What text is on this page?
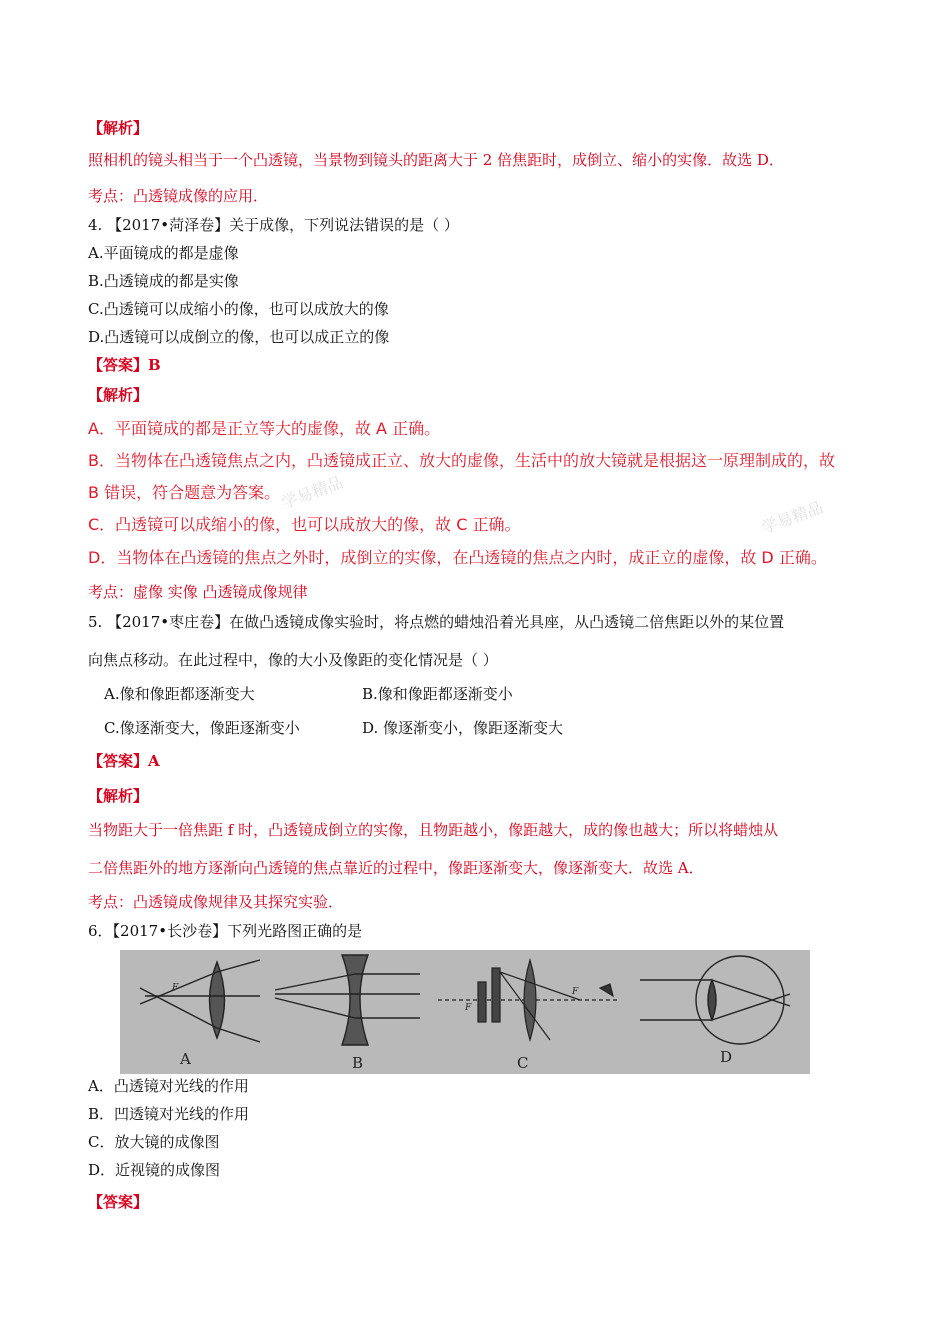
【解析】
照相机的镜头相当于一个凸透镜，当景物到镜头的距离大于 2 倍焦距时，成倒立、缩小的实像．故选 D．
考点：凸透镜成像的应用．
4. 【2017•菏泽卷】关于成像，下列说法错误的是（ ）
A.平面镜成的都是虚像
B.凸透镜成的都是实像
C.凸透镜可以成缩小的像，也可以成放大的像
D.凸透镜可以成倒立的像，也可以成正立的像
【答案】B
【解析】
A．平面镜成的都是正立等大的虚像，故 A 正确。
B．当物体在凸透镜焦点之内，凸透镜成正立、放大的虚像，生活中的放大镜就是根据这一原理制成的，故
B 错误，符合题意为答案。
C．凸透镜可以成缩小的像，也可以成放大的像，故 C 正确。
D．当物体在凸透镜的焦点之外时，成倒立的实像，在凸透镜的焦点之内时，成正立的虚像，故 D 正确。
考点：虚像 实像 凸透镜成像规律
学易精品
学易精品
5. 【2017•枣庄卷】在做凸透镜成像实验时，将点燃的蜡烛沿着光具座，从凸透镜二倍焦距以外的某位置
向焦点移动。在此过程中，像的大小及像距的变化情况是（ ）
A.像和像距都逐渐变大	B.像和像距都逐渐变小
C.像逐渐变大，像距逐渐变小	D. 像逐渐变小，像距逐渐变大
【答案】A
【解析】
当物距大于一倍焦距 f 时，凸透镜成倒立的实像，且物距越小，像距越大，成的像也越大；所以将蜡烛从
二倍焦距外的地方逐渐向凸透镜的焦点靠近的过程中，像距逐渐变大，像逐渐变大．故选 A．
考点：凸透镜成像规律及其探究实验．
6．【2017•长沙卷】下列光路图正确的是
F
A	B
F
F
C	D
A．凸透镜对光线的作用
B．凹透镜对光线的作用
C．放大镜的成像图
D．近视镜的成像图
【答案】
